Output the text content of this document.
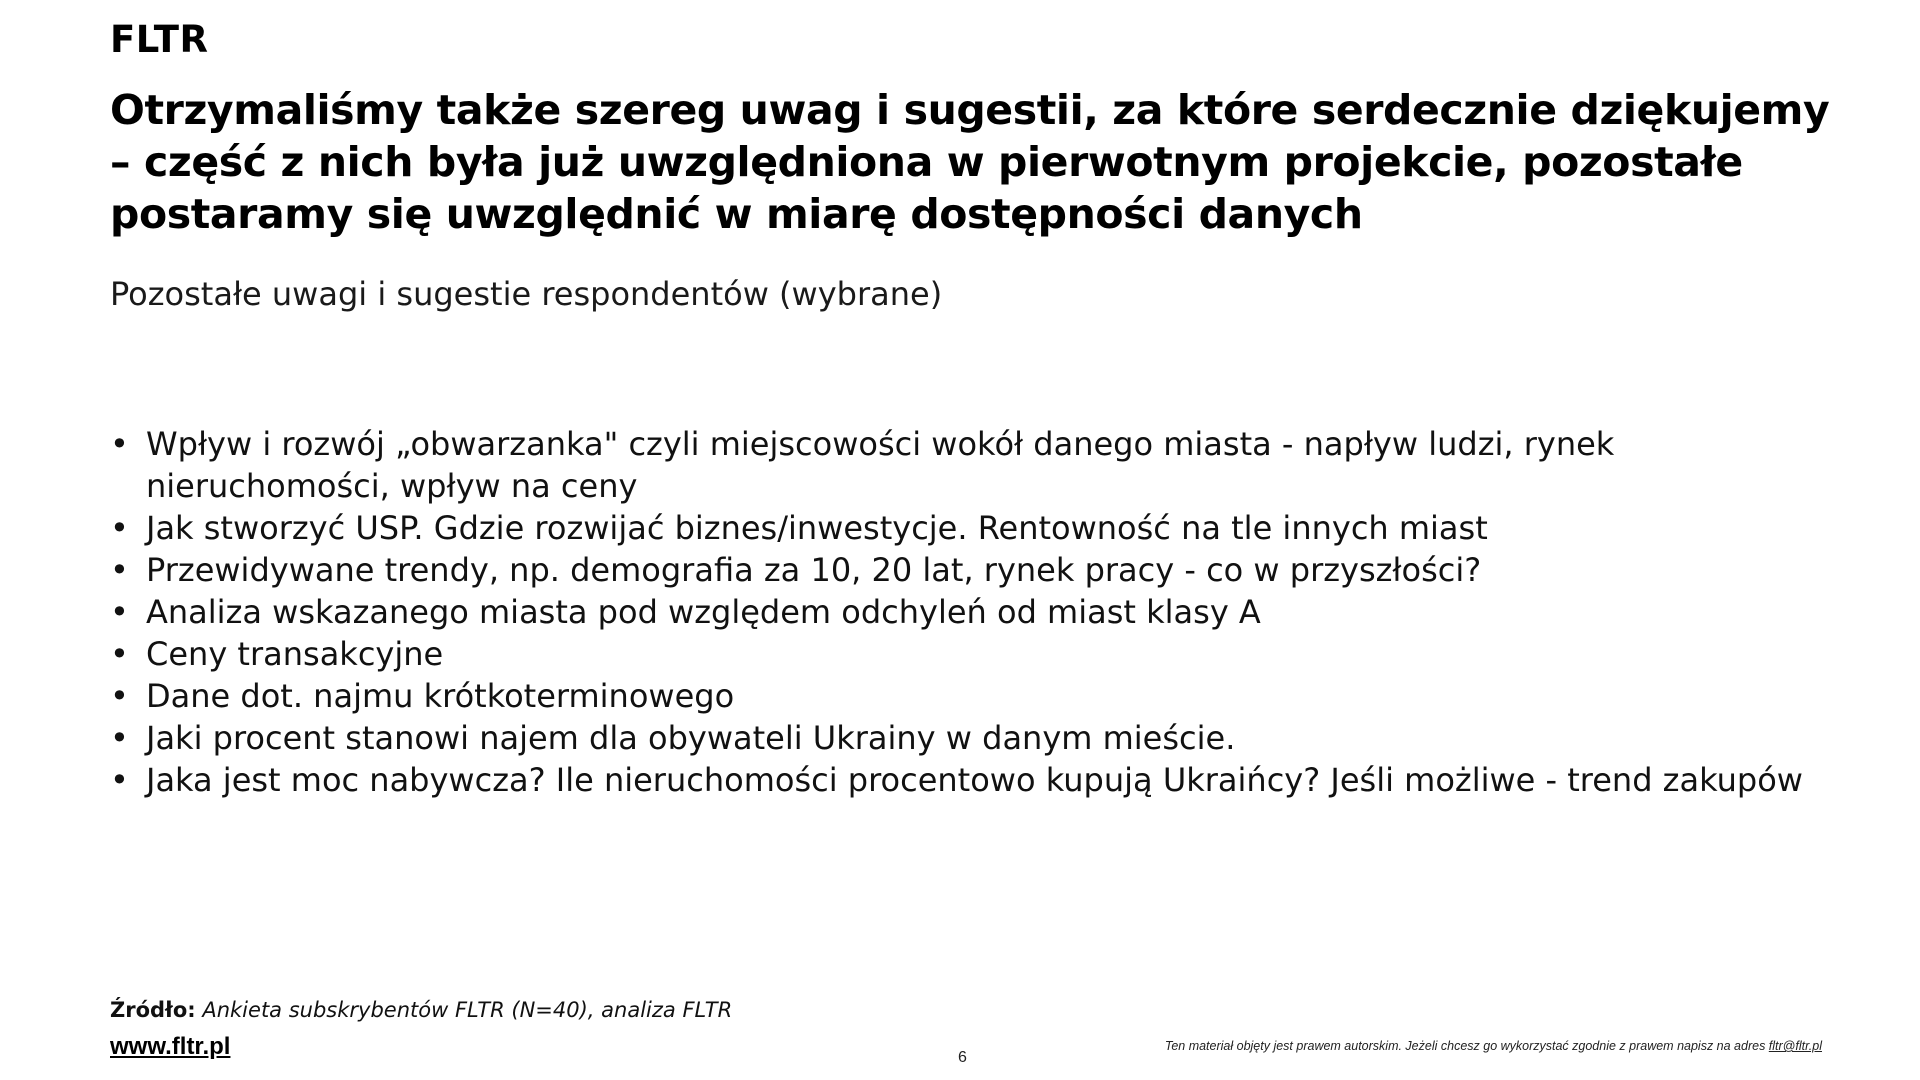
FLTR
Otrzymaliśmy także szereg uwag i sugestii, za które serdecznie dziękujemy – część z nich była już uwzględniona w pierwotnym projekcie, pozostałe postaramy się uwzględnić w miarę dostępności danych
Pozostałe uwagi i sugestie respondentów (wybrane)
• Wpływ i rozwój „obwarzanka" czyli miejscowości wokół danego miasta - napływ ludzi, rynek nieruchomości, wpływ na ceny
• Jak stworzyć USP. Gdzie rozwijać biznes/inwestycje. Rentowność na tle innych miast
• Przewidywane trendy, np. demografia za 10, 20 lat, rynek pracy - co w przyszłości?
• Analiza wskazanego miasta pod względem odchyleń od miast klasy A
• Ceny transakcyjne
• Dane dot. najmu krótkoterminowego
• Jaki procent stanowi najem dla obywateli Ukrainy w danym mieście.
• Jaka jest moc nabywcza? Ile nieruchomości procentowo kupują Ukraińcy? Jeśli możliwe - trend zakupów
Źródło: Ankieta subskrybentów FLTR (N=40), analiza FLTR
www.fltr.pl	6
Ten materiał objęty jest prawem autorskim. Jeżeli chcesz go wykorzystać zgodnie z prawem napisz na adres fltr@fltr.pl
